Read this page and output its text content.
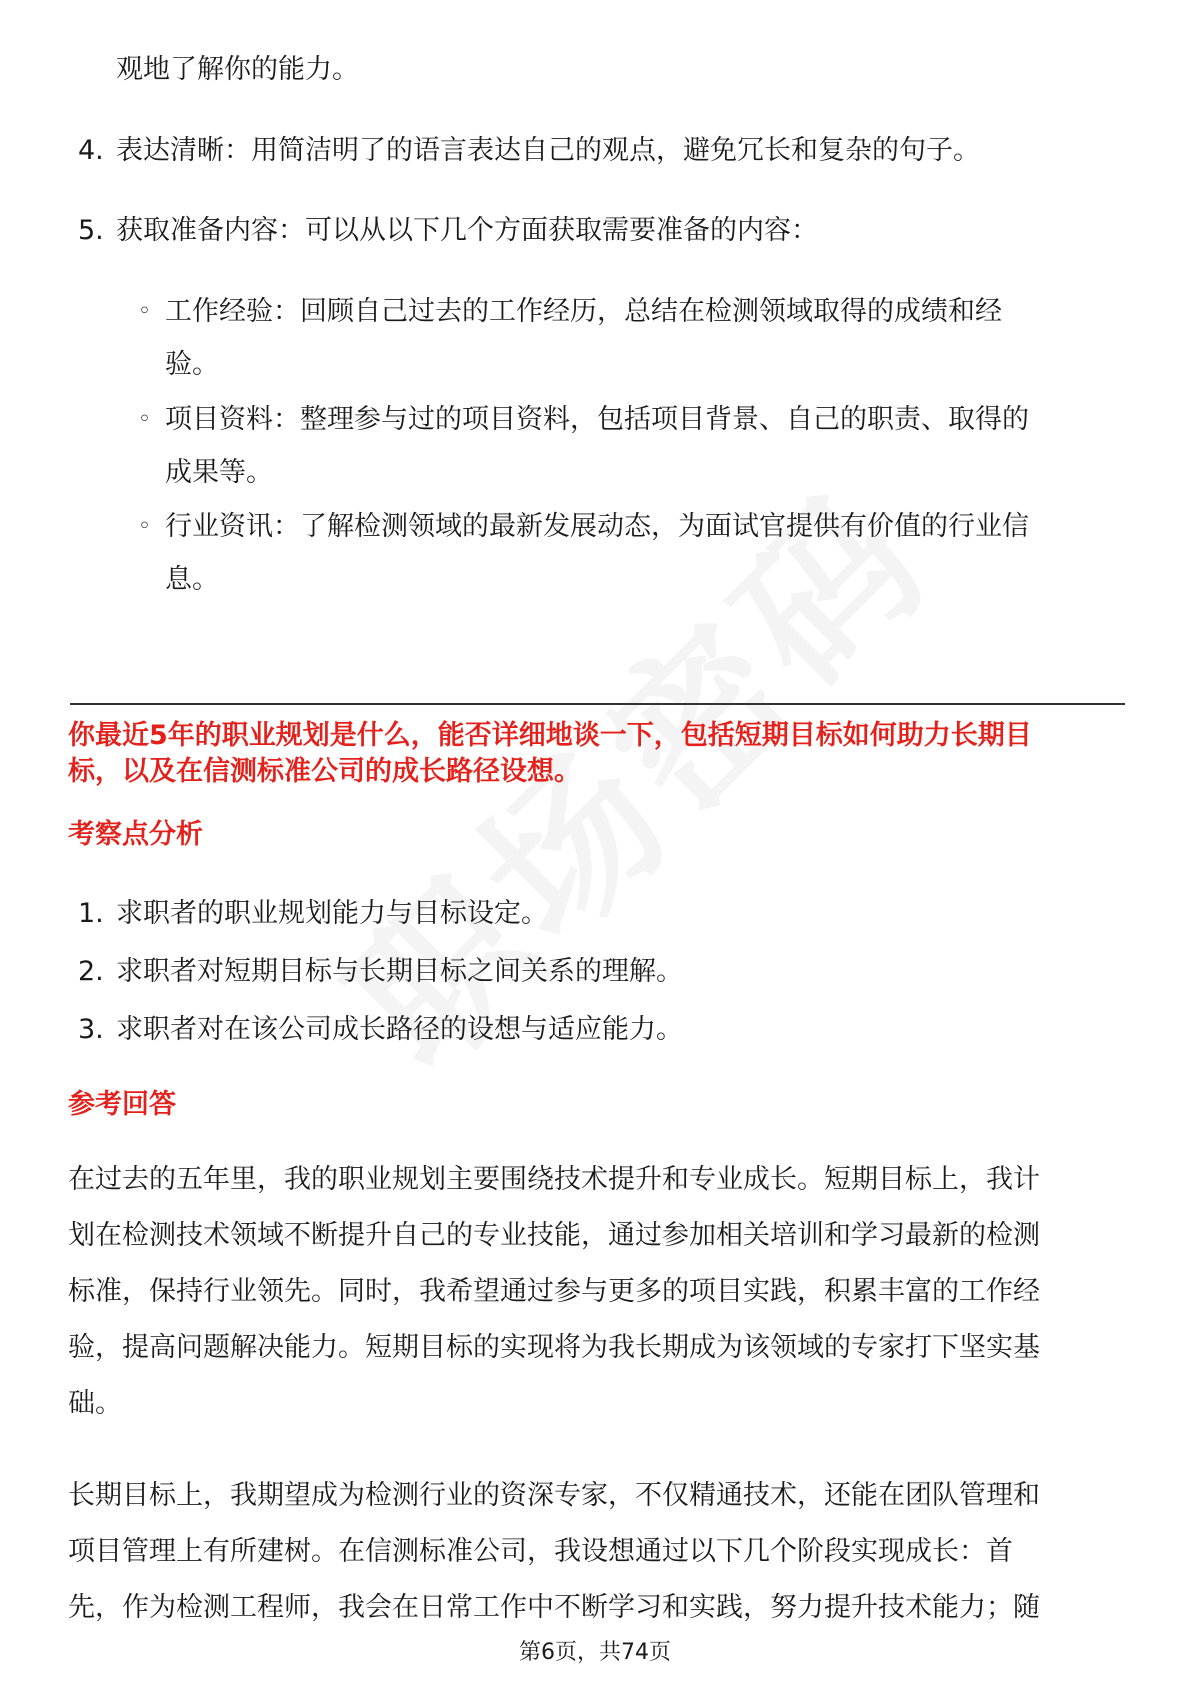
观地了解你的能力。

4. 表达清晰：用简洁明了的语言表达自己的观点，避免冗长和复杂的句子。

5. 获取准备内容：可以从以下几个方面获取需要准备的内容：

◦ 工作经验：回顾自己过去的工作经历，总结在检测领域取得的成绩和经

验。

◦ 项目资料：整理参与过的项目资料，包括项目背景、自己的职责、取得的

成果等。

◦ 行业资讯：了解检测领域的最新发展动态，为面试官提供有价值的行业信

息。

你最近5年的职业规划是什么，能否详细地谈一下，包括短期目标如何助力长期目

标，以及在信测标准公司的成长路径设想。

考察点分析

1. 求职者的职业规划能力与目标设定。

2. 求职者对短期目标与长期目标之间关系的理解。

3. 求职者对在该公司成长路径的设想与适应能力。

参考回答

在过去的五年里，我的职业规划主要围绕技术提升和专业成长。短期目标上，我计

划在检测技术领域不断提升自己的专业技能，通过参加相关培训和学习最新的检测

标准，保持行业领先。同时，我希望通过参与更多的项目实践，积累丰富的工作经

验，提高问题解决能力。短期目标的实现将为我长期成为该领域的专家打下坚实基

础。

长期目标上，我期望成为检测行业的资深专家，不仅精通技术，还能在团队管理和

项目管理上有所建树。在信测标准公司，我设想通过以下几个阶段实现成长：首

先，作为检测工程师，我会在日常工作中不断学习和实践，努力提升技术能力；随

第6页，共74页
